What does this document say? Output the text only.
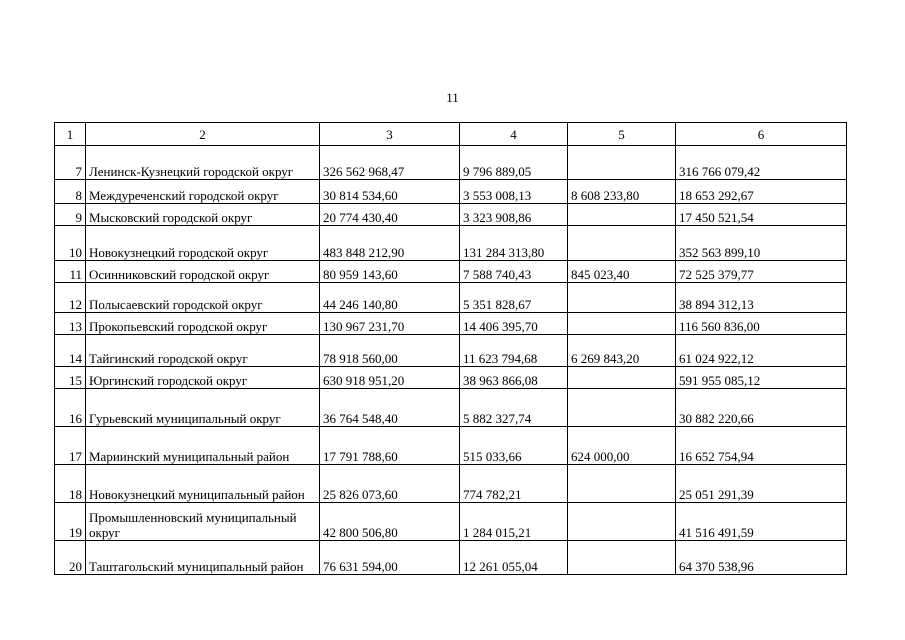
11
1	2	3	4	5	6
7	Ленинск-Кузнецкий городской округ	326 562 968,47	9 796 889,05		316 766 079,42
8	Междуреченский городской округ	30 814 534,60	3 553 008,13	8 608 233,80	18 653 292,67
9	Мысковский городской округ	20 774 430,40	3 323 908,86		17 450 521,54
10	Новокузнецкий городской округ	483 848 212,90	131 284 313,80		352 563 899,10
11	Осинниковский городской округ	80 959 143,60	7 588 740,43	845 023,40	72 525 379,77
12	Полысаевский городской округ	44 246 140,80	5 351 828,67		38 894 312,13
13	Прокопьевский городской округ	130 967 231,70	14 406 395,70		116 560 836,00
14	Тайгинский городской округ	78 918 560,00	11 623 794,68	6 269 843,20	61 024 922,12
15	Юргинский городской округ	630 918 951,20	38 963 866,08		591 955 085,12
16	Гурьевский муниципальный округ	36 764 548,40	5 882 327,74		30 882 220,66
17	Мариинский муниципальный район	17 791 788,60	515 033,66	624 000,00	16 652 754,94
18	Новокузнецкий муниципальный район	25 826 073,60	774 782,21		25 051 291,39
19	Промышленновский муниципальный округ	42 800 506,80	1 284 015,21		41 516 491,59
20	Таштагольский муниципальный район	76 631 594,00	12 261 055,04		64 370 538,96
